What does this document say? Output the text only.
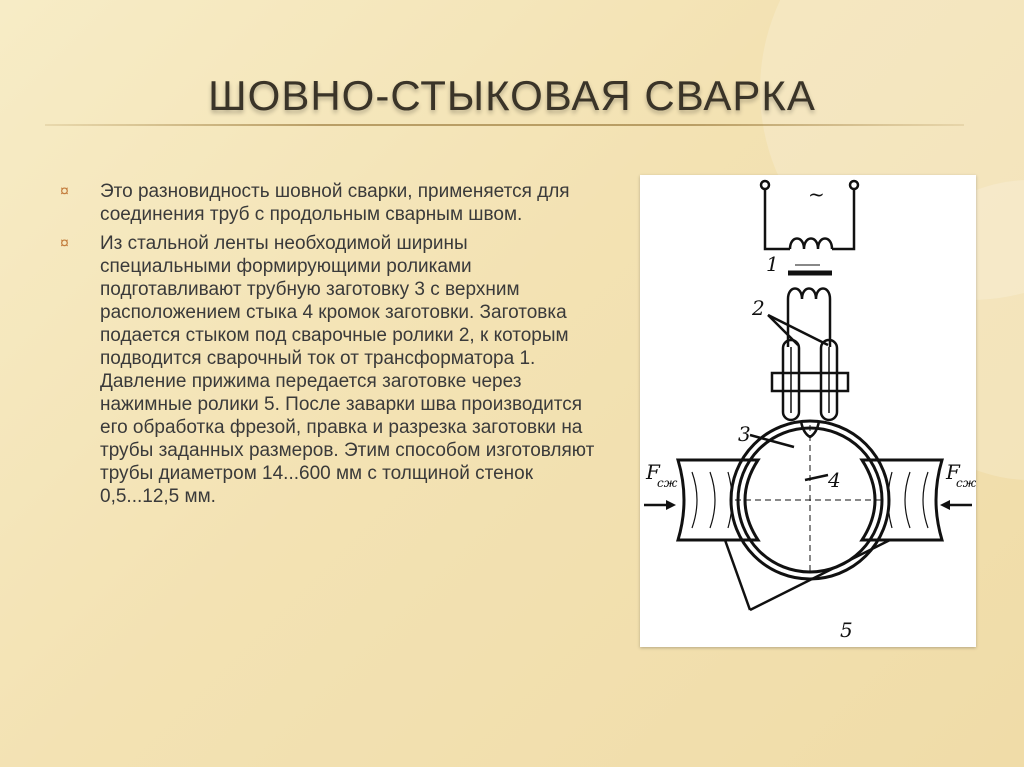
ШОВНО-СТЫКОВАЯ СВАРКА
¤ Это разновидность шовной сварки, применяется для соединения труб с продольным сварным швом.
¤ Из стальной ленты необходимой ширины специальными формирующими роликами подготавливают трубную заготовку 3 с верхним расположением стыка 4 кромок заготовки. Заготовка подается стыком под сварочные ролики 2, к которым подводится сварочный ток от трансформатора 1. Давление прижима передается заготовке через нажимные ролики 5. После заварки шва производится его обработка фрезой, правка и разрезка заготовки на трубы заданных размеров. Этим способом изготовляют трубы диаметром 14...600 мм с толщиной стенок 0,5...12,5 мм.
~
1
2
3
4
5
F
сж	F
сж
